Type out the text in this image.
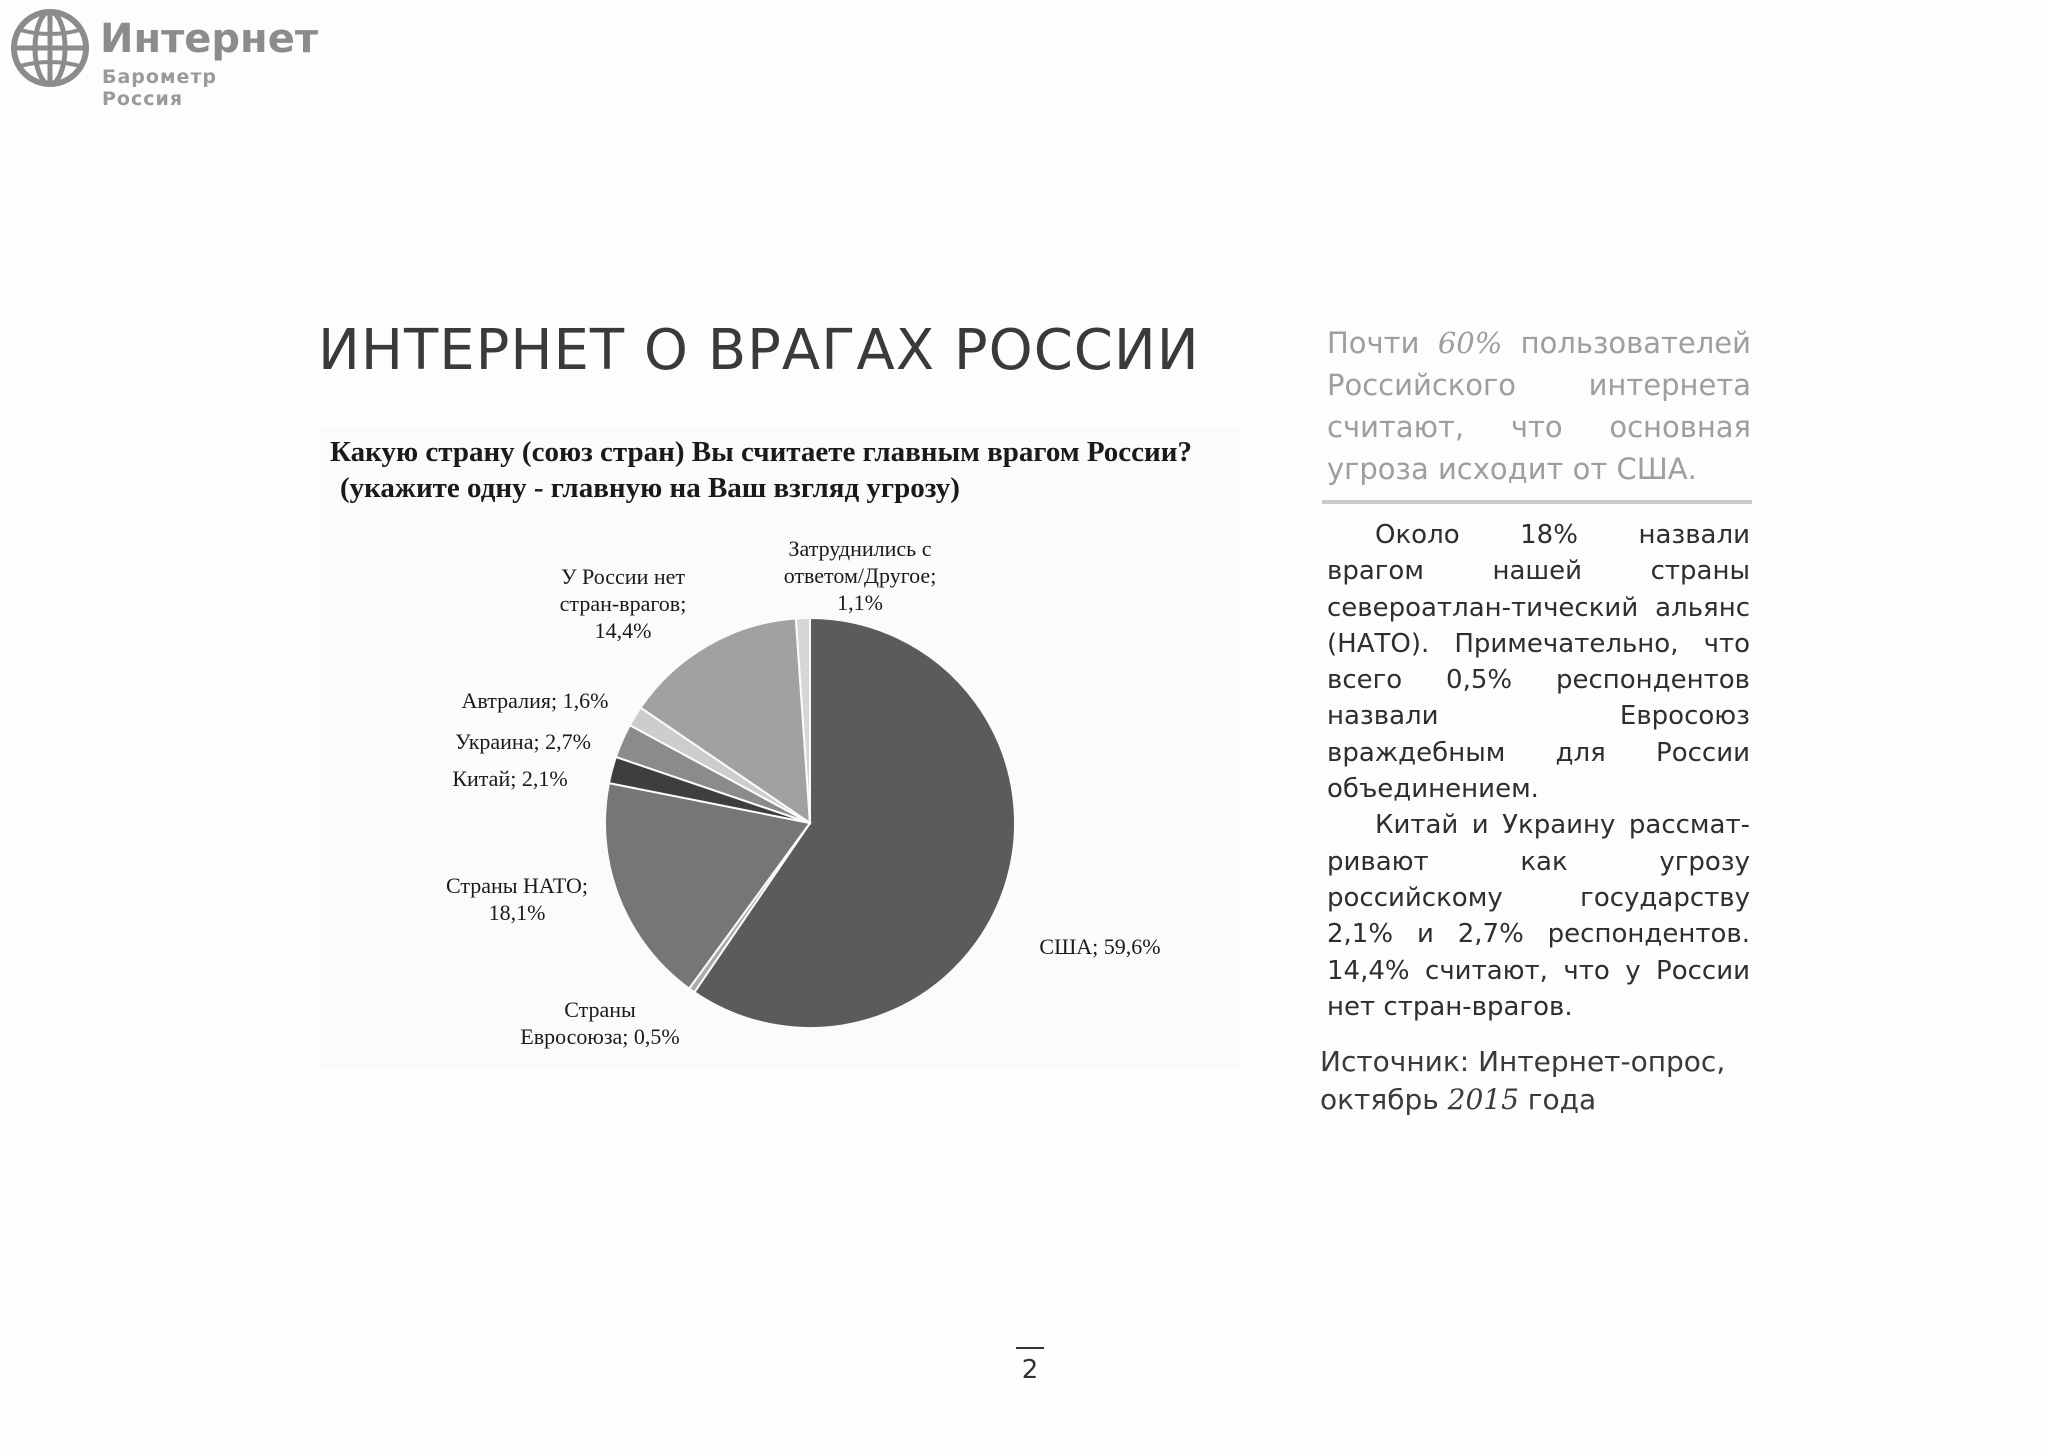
Интернет
Барометр Россия
ИНТЕРНЕТ О ВРАГАХ РОССИИ
Какую страну (союз стран) Вы считаете главным врагом России?
(укажите одну - главную на Ваш взгляд угрозу)
США; 59,6%
Страны
Евросоюза; 0,5%
Страны НАТО;
18,1%
Китай; 2,1%
Украина; 2,7%
Автралия; 1,6%
У России нет
стран-врагов;
14,4%
Затруднились с
ответом/Другое;
1,1%
Почти 60% пользователей Российского интернета считают, что основная угроза исходит от США.

Около 18% назвали врагом нашей страны североатлан-тический альянс (НАТО). Примечательно, что всего 0,5% респондентов назвали Евросоюз враждебным для России объединением.

Китай и Украину рассмат-ривают как угрозу российскому государству 2,1% и 2,7% респондентов. 14,4% считают, что у России нет стран-врагов.

Источник: Интернет-опрос,
октябрь 2015 года
2
